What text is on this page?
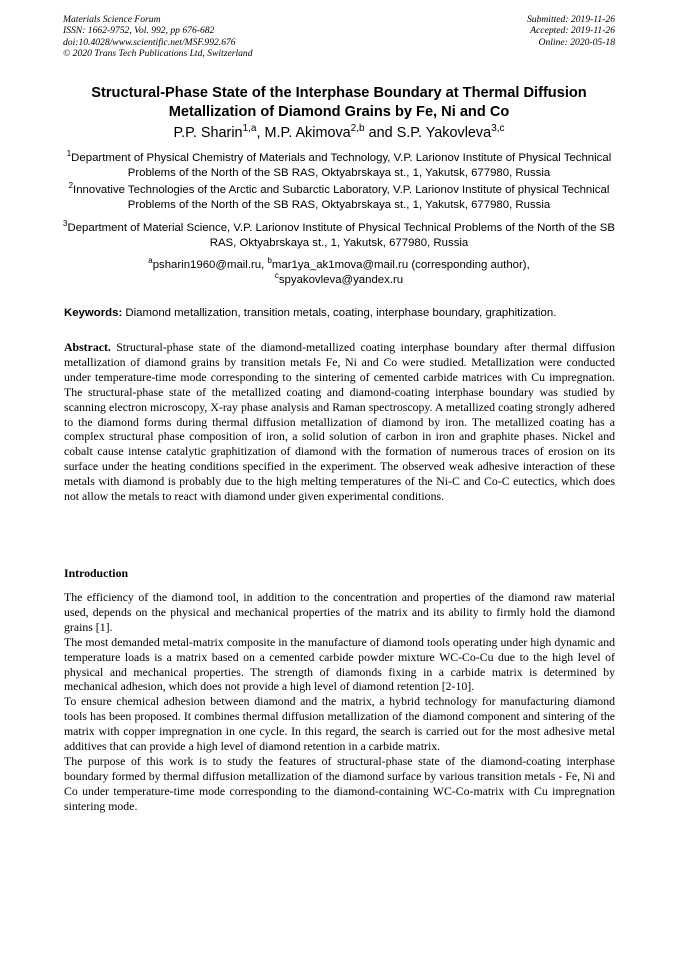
Materials Science Forum
ISSN: 1662-9752, Vol. 992, pp 676-682
doi:10.4028/www.scientific.net/MSF.992.676
© 2020 Trans Tech Publications Ltd, Switzerland
Submitted: 2019-11-26
Accepted: 2019-11-26
Online: 2020-05-18
Structural-Phase State of the Interphase Boundary at Thermal Diffusion
Metallization of Diamond Grains by Fe, Ni and Co
P.P. Sharin$^{1,a}$, M.P. Akimova$^{2,b}$ and S.P. Yakovleva$^{3,c}$
$^1$Department of Physical Chemistry of Materials and Technology, V.P. Larionov Institute of Physical Technical Problems of the North of the SB RAS, Oktyabrskaya st., 1, Yakutsk, 677980, Russia
$^2$Innovative Technologies of the Arctic and Subarctic Laboratory, V.P. Larionov Institute of physical Technical Problems of the North of the SB RAS, Oktyabrskaya st., 1, Yakutsk, 677980, Russia
$^3$Department of Material Science, V.P. Larionov Institute of Physical Technical Problems of the North of the SB RAS, Oktyabrskaya st., 1, Yakutsk, 677980, Russia
$^a$psharin1960@mail.ru, $^b$mar1ya_ak1mova@mail.ru (corresponding author),
$^c$spyakovleva@yandex.ru
Keywords: Diamond metallization, transition metals, coating, interphase boundary, graphitization.
Abstract. Structural-phase state of the diamond-metallized coating interphase boundary after thermal diffusion metallization of diamond grains by transition metals Fe, Ni and Co were studied. Metallization were conducted under temperature-time mode corresponding to the sintering of cemented carbide matrices with Cu impregnation. The structural-phase state of the metallized coating and diamond-coating interphase boundary was studied by scanning electron microscopy, X-ray phase analysis and Raman spectroscopy. A metallized coating strongly adhered to the diamond forms during thermal diffusion metallization of diamond by iron. The metallized coating has a complex structural phase composition of iron, a solid solution of carbon in iron and graphite phases. Nickel and cobalt cause intense catalytic graphitization of diamond with the formation of numerous traces of erosion on its surface under the heating conditions specified in the experiment. The observed weak adhesive interaction of these metals with diamond is probably due to the high melting temperatures of the Ni-C and Co-C eutectics, which does not allow the metals to react with diamond under given experimental conditions.
Introduction

The efficiency of the diamond tool, in addition to the concentration and properties of the diamond raw material used, depends on the physical and mechanical properties of the matrix and its ability to firmly hold the diamond grains [1].

The most demanded metal-matrix composite in the manufacture of diamond tools operating under high dynamic and temperature loads is a matrix based on a cemented carbide powder mixture WC-Co-Cu due to the high level of physical and mechanical properties. The strength of diamonds fixing in a carbide matrix is determined by mechanical adhesion, which does not provide a high level of diamond retention [2-10].

To ensure chemical adhesion between diamond and the matrix, a hybrid technology for manufacturing diamond tools has been proposed. It combines thermal diffusion metallization of the diamond component and sintering of the matrix with copper impregnation in one cycle. In this regard, the search is carried out for the most adhesive metal additives that can provide a high level of diamond retention in a carbide matrix.

The purpose of this work is to study the features of structural-phase state of the diamond-coating interphase boundary formed by thermal diffusion metallization of the diamond surface by various transition metals - Fe, Ni and Co under temperature-time mode corresponding to the diamond-containing WC-Co-matrix with Cu impregnation sintering mode.
